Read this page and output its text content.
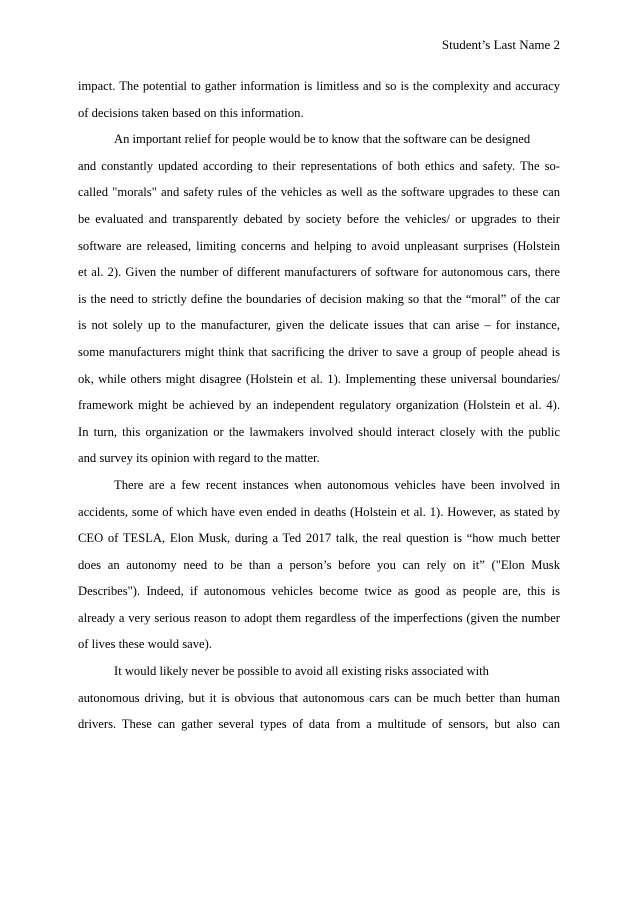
Student’s Last Name 2
impact. The potential to gather information is limitless and so is the complexity and accuracy
of decisions taken based on this information.
An important relief for people would be to know that the software can be designed
and constantly updated according to their representations of both ethics and safety. The so-
called "morals" and safety rules of the vehicles as well as the software upgrades to these can
be evaluated and transparently debated by society before the vehicles/ or upgrades to their
software are released, limiting concerns and helping to avoid unpleasant surprises (Holstein
et al. 2). Given the number of different manufacturers of software for autonomous cars, there
is the need to strictly define the boundaries of decision making so that the “moral” of the car
is not solely up to the manufacturer, given the delicate issues that can arise – for instance,
some manufacturers might think that sacrificing the driver to save a group of people ahead is
ok, while others might disagree (Holstein et al. 1). Implementing these universal boundaries/
framework might be achieved by an independent regulatory organization (Holstein et al. 4).
In turn, this organization or the lawmakers involved should interact closely with the public
and survey its opinion with regard to the matter.
There are a few recent instances when autonomous vehicles have been involved in
accidents, some of which have even ended in deaths (Holstein et al. 1). However, as stated by
CEO of TESLA, Elon Musk, during a Ted 2017 talk, the real question is “how much better
does an autonomy need to be than a person’s before you can rely on it” ("Elon Musk
Describes"). Indeed, if autonomous vehicles become twice as good as people are, this is
already a very serious reason to adopt them regardless of the imperfections (given the number
of lives these would save).
It would likely never be possible to avoid all existing risks associated with
autonomous driving, but it is obvious that autonomous cars can be much better than human
drivers. These can gather several types of data from a multitude of sensors, but also can
